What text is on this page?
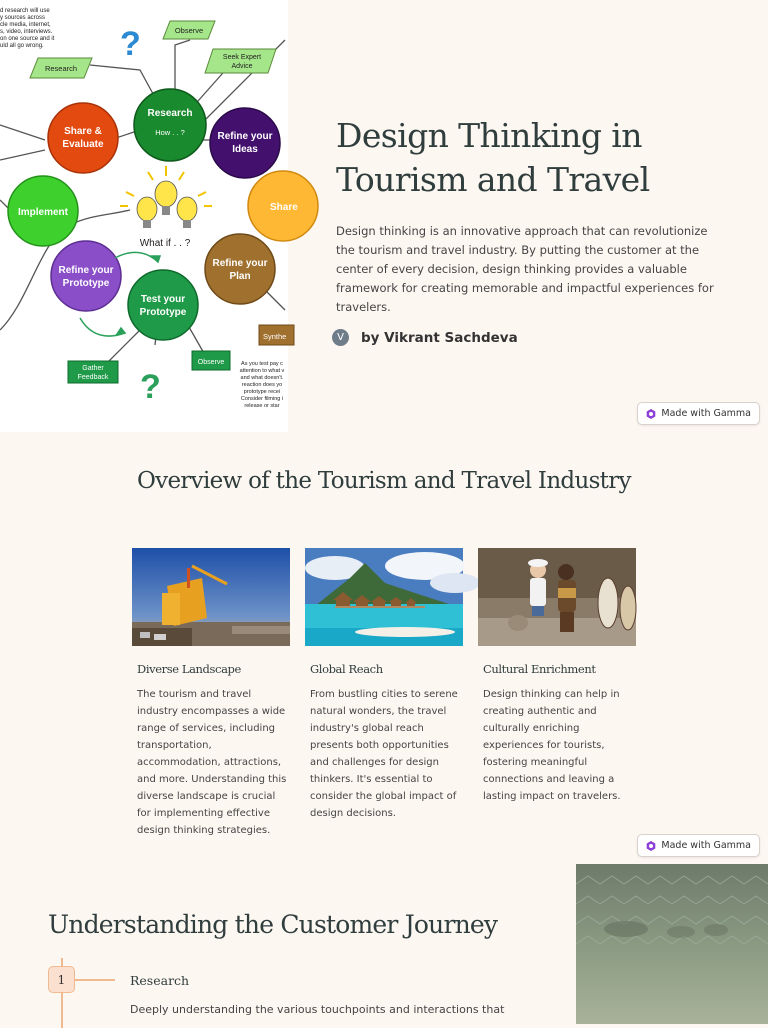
d research will use
y sources across
cle media, internet,
s, video, interviews.
on one source and it
uld all go wrong.
Research
Observe
Seek Expert
Advice
?
?
Research
How . . ?
Share &
Evaluate
Refine your
Ideas
Share
Implement
Refine your
Plan
Refine your
Prototype
Test your
Prototype
What if . . ?
Synthe
Observe
Gather
Feedback
As you test pay c
attention to what v
and what doesn't.
reaction does yo
prototype recei
Consider filming i
release or star
Design Thinking in Tourism and Travel

Design thinking is an innovative approach that can revolutionize the tourism and travel industry. By putting the customer at the center of every decision, design thinking provides a valuable framework for creating memorable and impactful experiences for travelers.

V	by Vikrant Sachdeva
Made with Gamma
Overview of the Tourism and Travel Industry
Diverse Landscape

The tourism and travel industry encompasses a wide range of services, including transportation, accommodation, attractions, and more. Understanding this diverse landscape is crucial for implementing effective design thinking strategies.

Global Reach

From bustling cities to serene natural wonders, the travel industry's global reach presents both opportunities and challenges for design thinkers. It's essential to consider the global impact of design decisions.

Cultural Enrichment

Design thinking can help in creating authentic and culturally enriching experiences for tourists, fostering meaningful connections and leaving a lasting impact on travelers.

Made with Gamma
Understanding the Customer Journey
1	Research

Deeply understanding the various touchpoints and interactions that
